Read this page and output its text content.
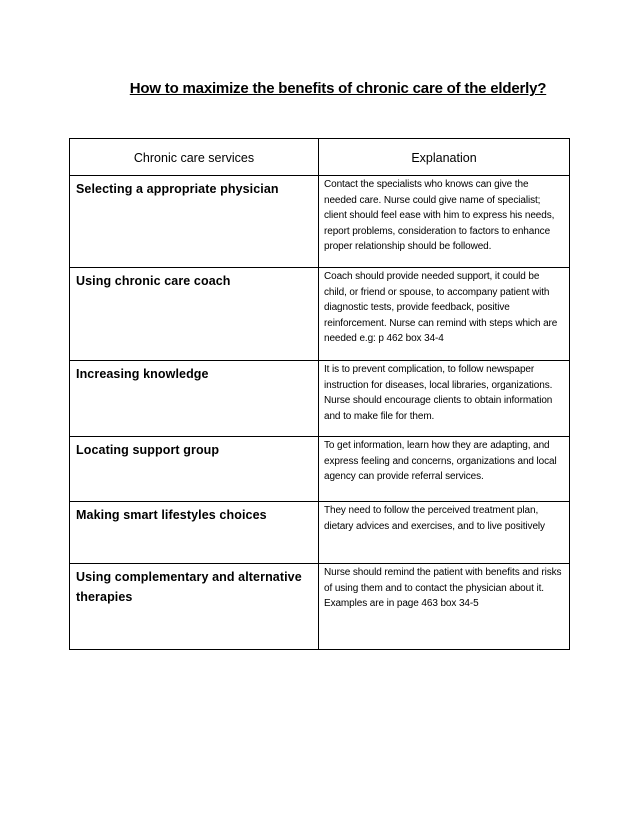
How to maximize the benefits of chronic care of the elderly?
Chronic care services	Explanation
Selecting a appropriate physician	Contact the specialists who knows can give the needed care. Nurse could give name of specialist; client should feel ease with him to express his needs, report problems, consideration to factors to enhance proper relationship should be followed.
Using chronic care coach	Coach should provide needed support, it could be child, or friend or spouse, to accompany patient with diagnostic tests, provide feedback, positive reinforcement. Nurse can remind with steps which are needed e.g: p 462 box 34-4
Increasing knowledge	It is to prevent complication, to follow newspaper instruction for diseases, local libraries, organizations. Nurse should encourage clients to obtain information and to make file for them.
Locating support group	To get information, learn how they are adapting, and express feeling and concerns, organizations and local agency can provide referral services.
Making smart lifestyles choices	They need to follow the perceived treatment plan, dietary advices and exercises, and to live positively
Using complementary and alternative therapies	Nurse should remind the patient with benefits and risks of using them and to contact the physician about it. Examples are in page 463 box 34-5
